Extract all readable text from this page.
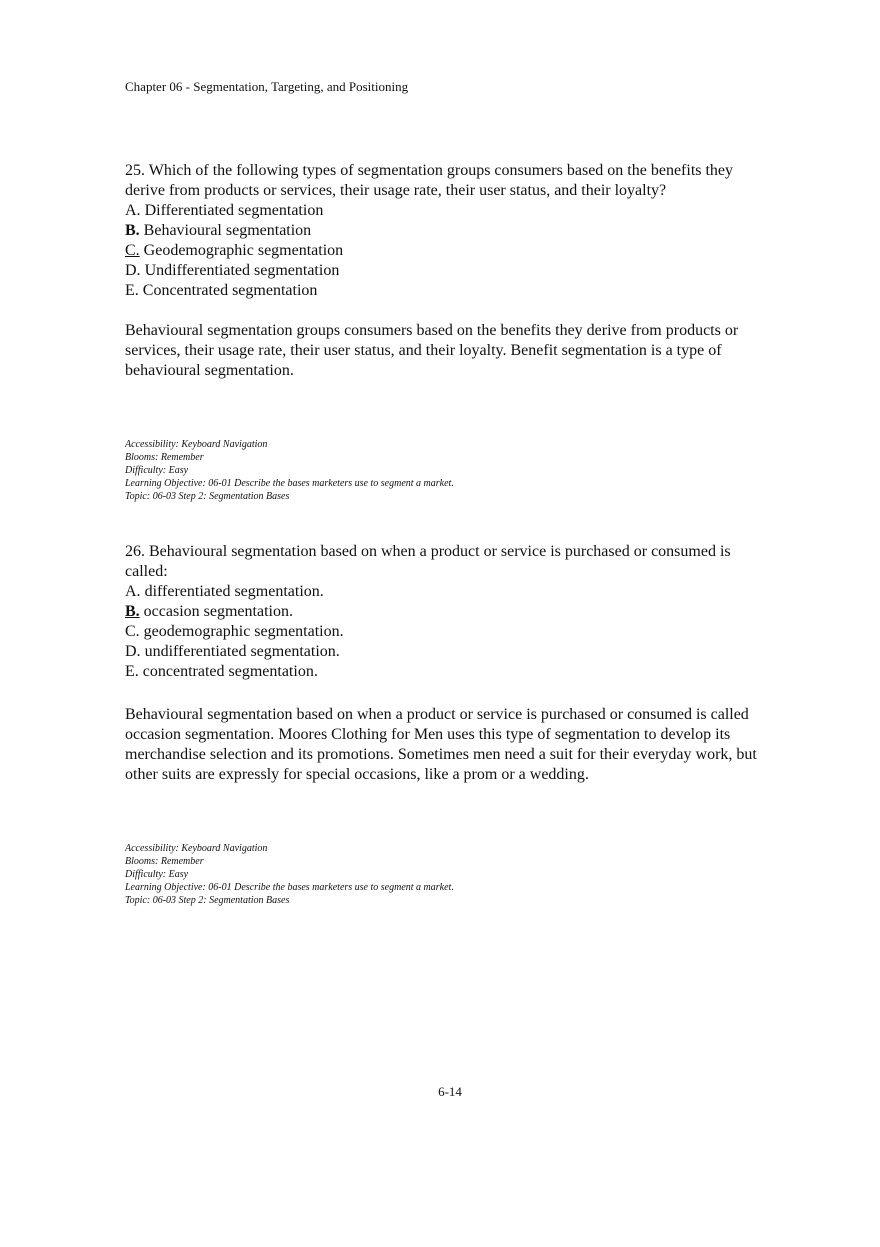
Chapter 06 - Segmentation, Targeting, and Positioning

25. Which of the following types of segmentation groups consumers based on the benefits they derive from products or services, their usage rate, their user status, and their loyalty?

A. Differentiated segmentation
B. Behavioural segmentation
C. Geodemographic segmentation
D. Undifferentiated segmentation
E. Concentrated segmentation

Behavioural segmentation groups consumers based on the benefits they derive from products or services, their usage rate, their user status, and their loyalty. Benefit segmentation is a type of behavioural segmentation.

Accessibility: Keyboard Navigation
Blooms: Remember
Difficulty: Easy
Learning Objective: 06-01 Describe the bases marketers use to segment a market.
Topic: 06-03 Step 2: Segmentation Bases

26. Behavioural segmentation based on when a product or service is purchased or consumed is called:

A. differentiated segmentation.
B. occasion segmentation.
C. geodemographic segmentation.
D. undifferentiated segmentation.
E. concentrated segmentation.

Behavioural segmentation based on when a product or service is purchased or consumed is called occasion segmentation. Moores Clothing for Men uses this type of segmentation to develop its merchandise selection and its promotions. Sometimes men need a suit for their everyday work, but other suits are expressly for special occasions, like a prom or a wedding.

Accessibility: Keyboard Navigation
Blooms: Remember
Difficulty: Easy
Learning Objective: 06-01 Describe the bases marketers use to segment a market.
Topic: 06-03 Step 2: Segmentation Bases

6-14
